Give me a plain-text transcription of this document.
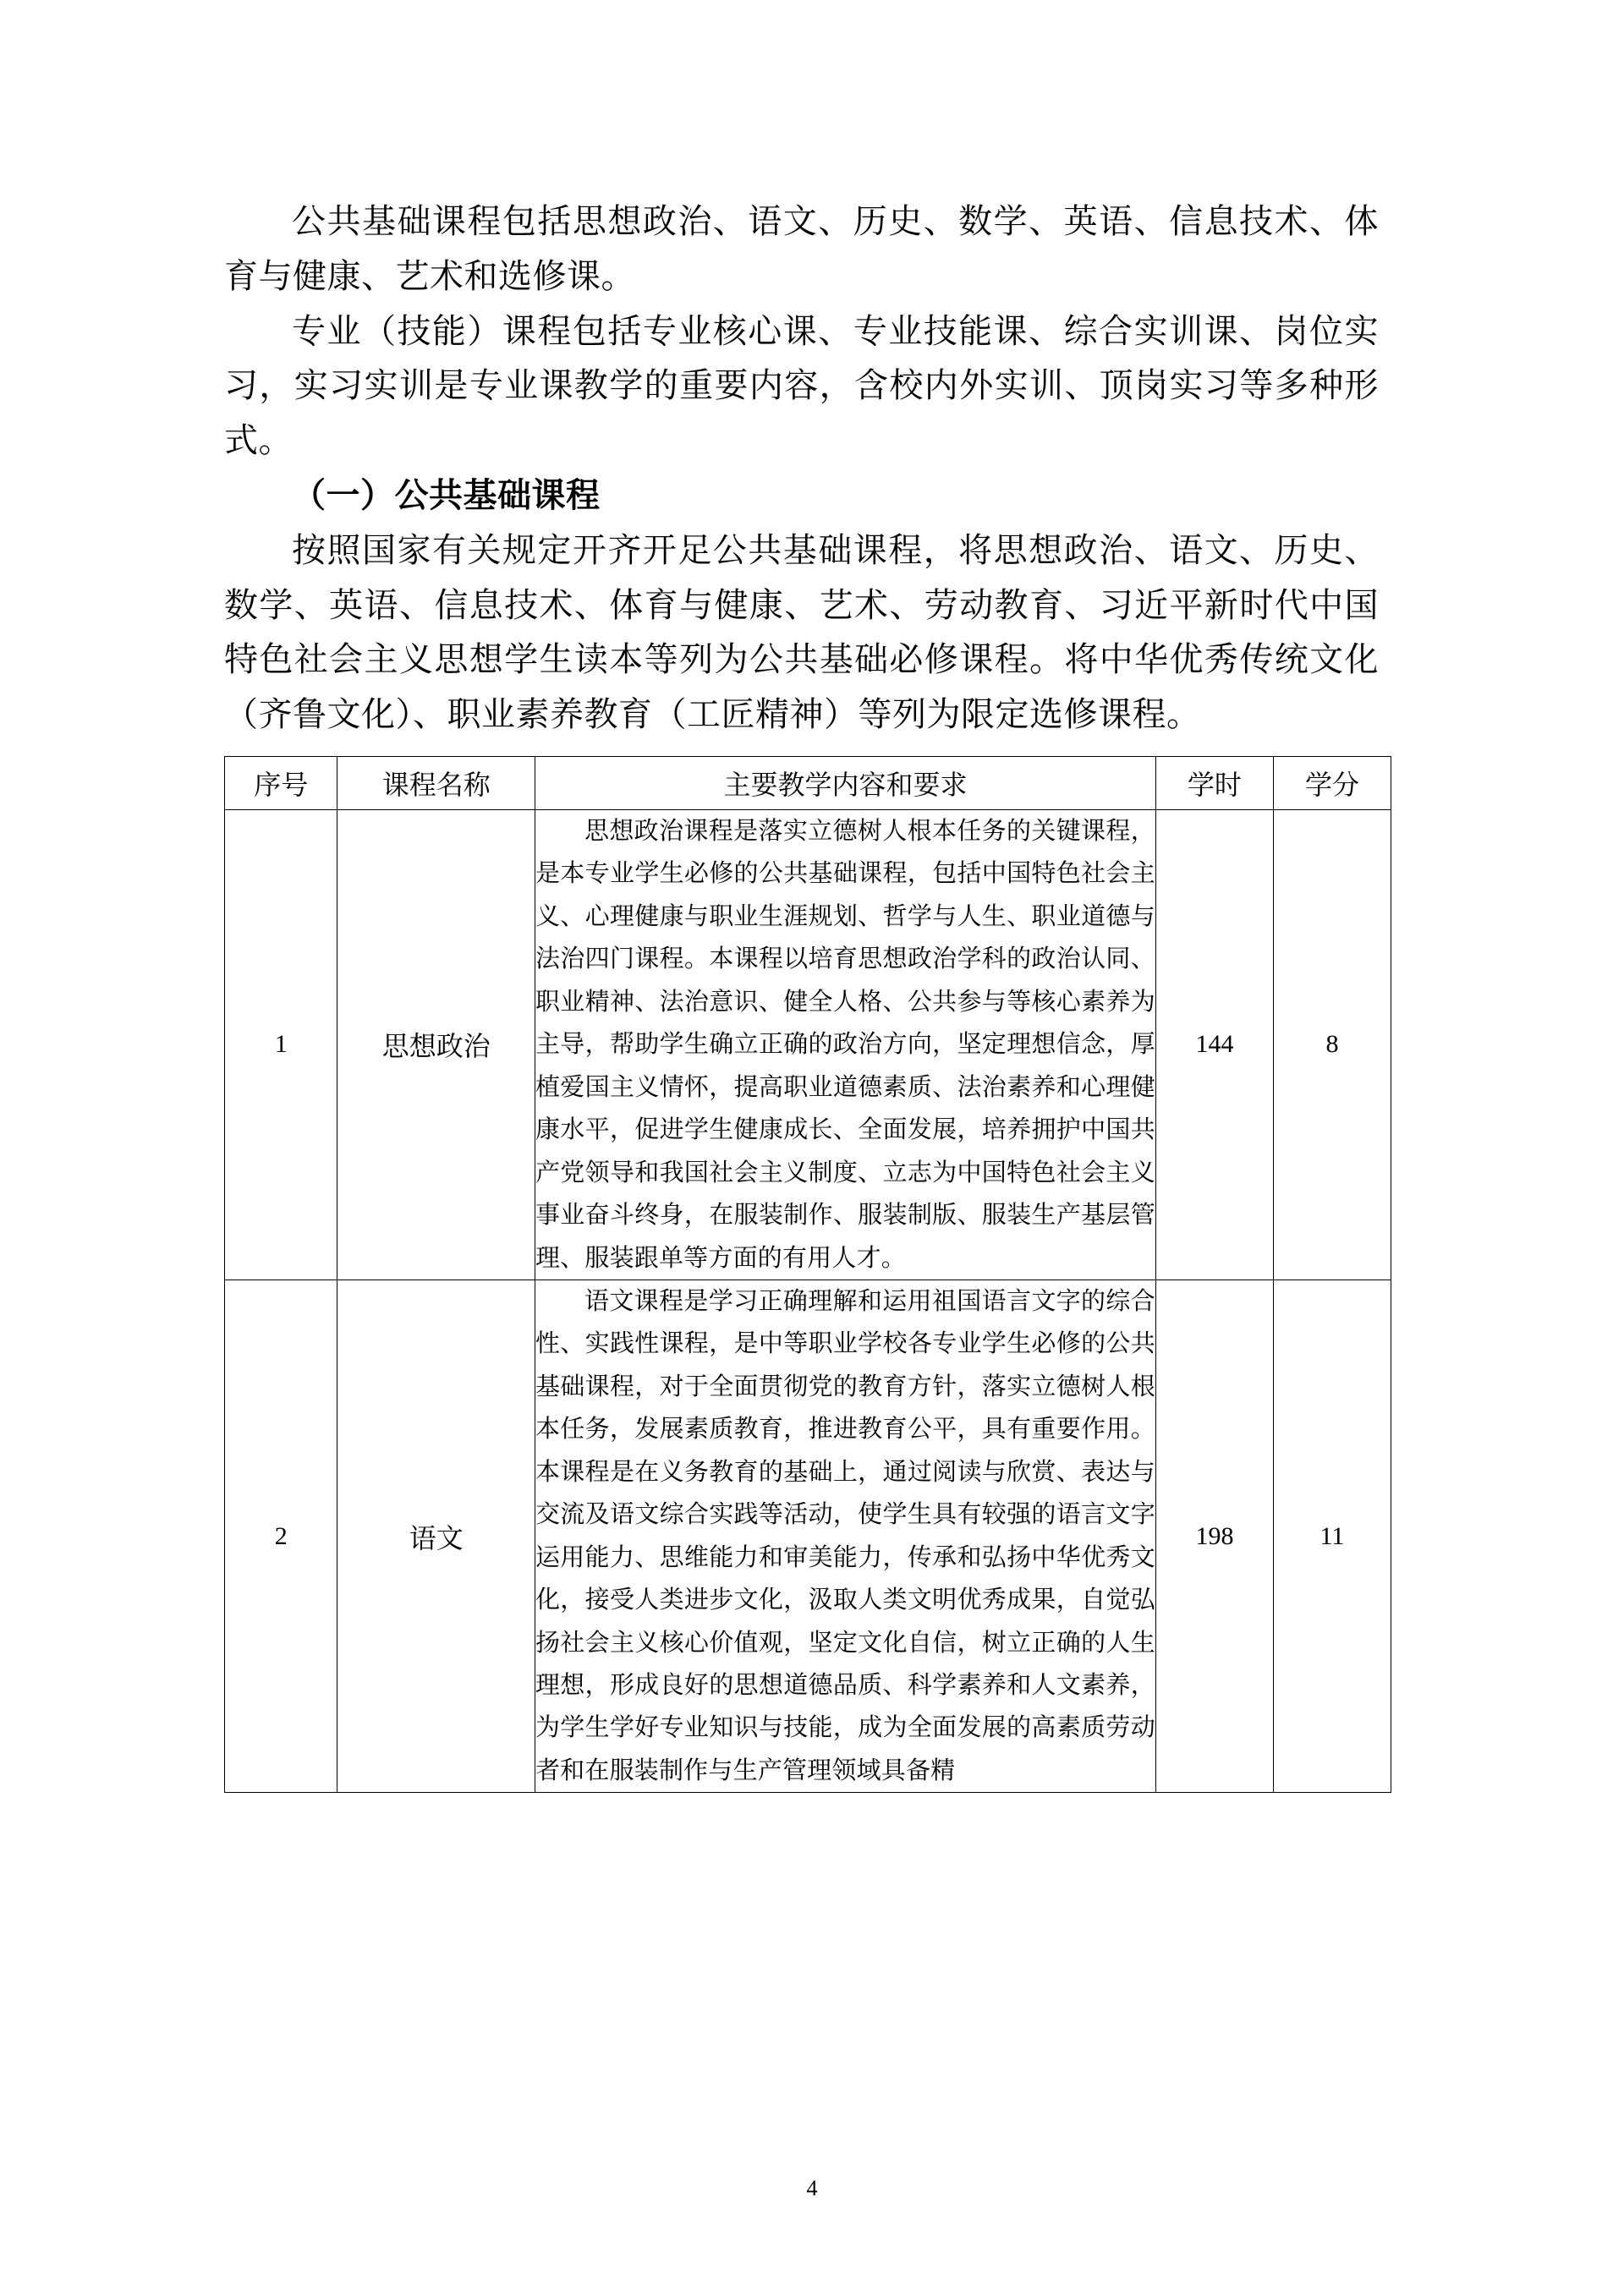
公共基础课程包括思想政治、语文、历史、数学、英语、信息技术、体育与健康、艺术和选修课。

专业（技能）课程包括专业核心课、专业技能课、综合实训课、岗位实习，实习实训是专业课教学的重要内容，含校内外实训、顶岗实习等多种形式。

（一）公共基础课程

按照国家有关规定开齐开足公共基础课程，将思想政治、语文、历史、数学、英语、信息技术、体育与健康、艺术、劳动教育、习近平新时代中国特色社会主义思想学生读本等列为公共基础必修课程。将中华优秀传统文化（齐鲁文化）、职业素养教育（工匠精神）等列为限定选修课程。

序号	课程名称	主要教学内容和要求	学时	学分
1	思想政治	思想政治课程是落实立德树人根本任务的关键课程，是本专业学生必修的公共基础课程，包括中国特色社会主义、心理健康与职业生涯规划、哲学与人生、职业道德与法治四门课程。本课程以培育思想政治学科的政治认同、职业精神、法治意识、健全人格、公共参与等核心素养为主导，帮助学生确立正确的政治方向，坚定理想信念，厚植爱国主义情怀，提高职业道德素质、法治素养和心理健康水平，促进学生健康成长、全面发展，培养拥护中国共产党领导和我国社会主义制度、立志为中国特色社会主义事业奋斗终身，在服装制作、服装制版、服装生产基层管理、服装跟单等方面的有用人才。	144	8
2	语文	语文课程是学习正确理解和运用祖国语言文字的综合性、实践性课程，是中等职业学校各专业学生必修的公共基础课程，对于全面贯彻党的教育方针，落实立德树人根本任务，发展素质教育，推进教育公平，具有重要作用。本课程是在义务教育的基础上，通过阅读与欣赏、表达与交流及语文综合实践等活动，使学生具有较强的语言文字运用能力、思维能力和审美能力，传承和弘扬中华优秀文化，接受人类进步文化，汲取人类文明优秀成果，自觉弘扬社会主义核心价值观，坚定文化自信，树立正确的人生理想，形成良好的思想道德品质、科学素养和人文素养，为学生学好专业知识与技能，成为全面发展的高素质劳动者和在服装制作与生产管理领域具备精	198	11
4
